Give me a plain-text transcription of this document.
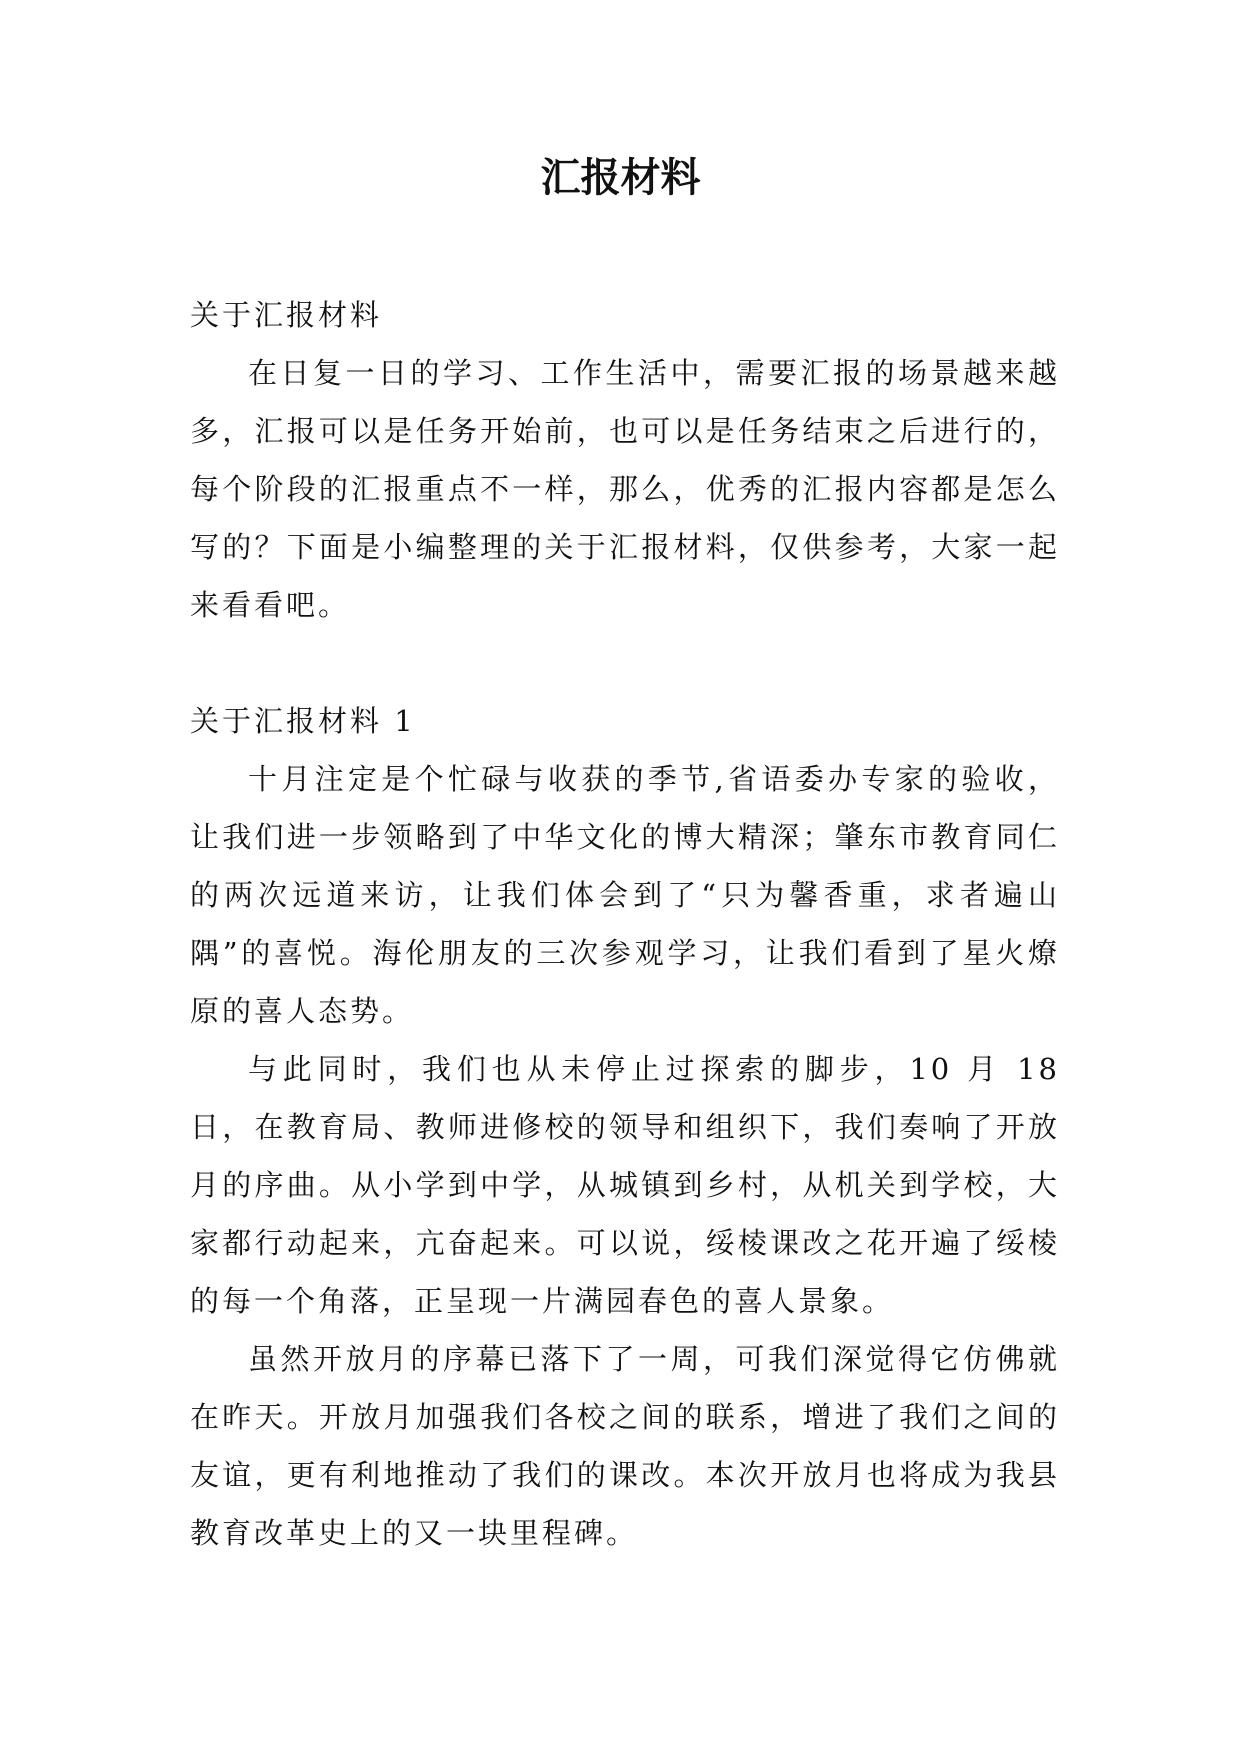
汇报材料

关于汇报材料

在日复一日的学习、工作生活中，需要汇报的场景越来越多，汇报可以是任务开始前，也可以是任务结束之后进行的，每个阶段的汇报重点不一样，那么，优秀的汇报内容都是怎么写的？下面是小编整理的关于汇报材料，仅供参考，大家一起来看看吧。

关于汇报材料 1

十月注定是个忙碌与收获的季节,省语委办专家的验收，让我们进一步领略到了中华文化的博大精深；肇东市教育同仁的两次远道来访，让我们体会到了“只为馨香重，求者遍山隅”的喜悦。海伦朋友的三次参观学习，让我们看到了星火燎原的喜人态势。

与此同时，我们也从未停止过探索的脚步，10 月 18 日，在教育局、教师进修校的领导和组织下，我们奏响了开放月的序曲。从小学到中学，从城镇到乡村，从机关到学校，大家都行动起来，亢奋起来。可以说，绥棱课改之花开遍了绥棱的每一个角落，正呈现一片满园春色的喜人景象。

虽然开放月的序幕已落下了一周，可我们深觉得它仿佛就在昨天。开放月加强我们各校之间的联系，增进了我们之间的友谊，更有利地推动了我们的课改。本次开放月也将成为我县教育改革史上的又一块里程碑。
